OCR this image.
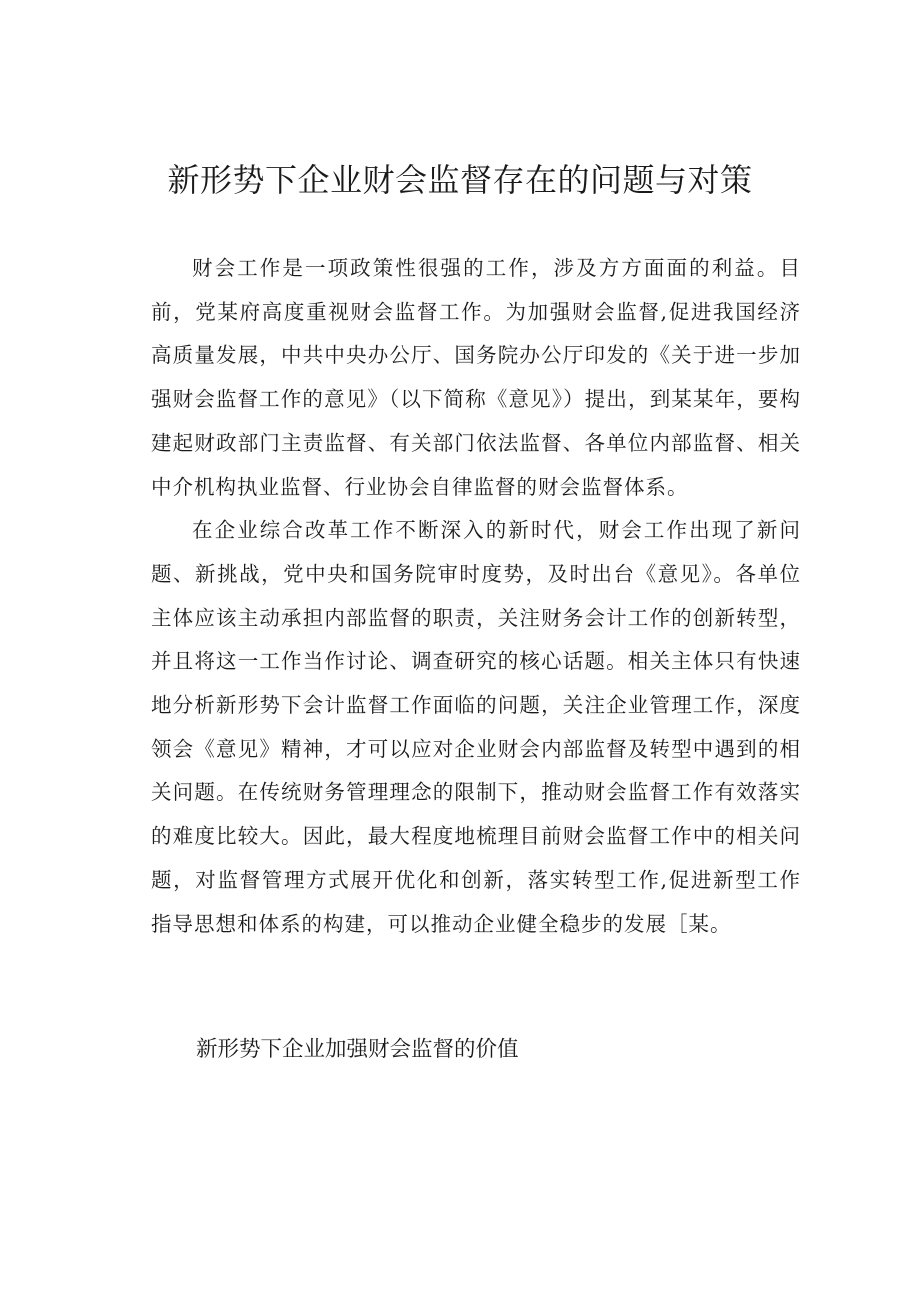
新形势下企业财会监督存在的问题与对策

财会工作是一项政策性很强的工作，涉及方方面面的利益。目前，党某府高度重视财会监督工作。为加强财会监督,促进我国经济高质量发展，中共中央办公厅、国务院办公厅印发的《关于进一步加强财会监督工作的意见》（以下简称《意见》）提出，到某某年，要构建起财政部门主责监督、有关部门依法监督、各单位内部监督、相关中介机构执业监督、行业协会自律监督的财会监督体系。

在企业综合改革工作不断深入的新时代，财会工作出现了新问题、新挑战，党中央和国务院审时度势，及时出台《意见》。各单位主体应该主动承担内部监督的职责，关注财务会计工作的创新转型，并且将这一工作当作讨论、调查研究的核心话题。相关主体只有快速地分析新形势下会计监督工作面临的问题，关注企业管理工作，深度领会《意见》精神，才可以应对企业财会内部监督及转型中遇到的相关问题。在传统财务管理理念的限制下，推动财会监督工作有效落实的难度比较大。因此，最大程度地梳理目前财会监督工作中的相关问题，对监督管理方式展开优化和创新，落实转型工作,促进新型工作指导思想和体系的构建，可以推动企业健全稳步的发展［某。

新形势下企业加强财会监督的价值
